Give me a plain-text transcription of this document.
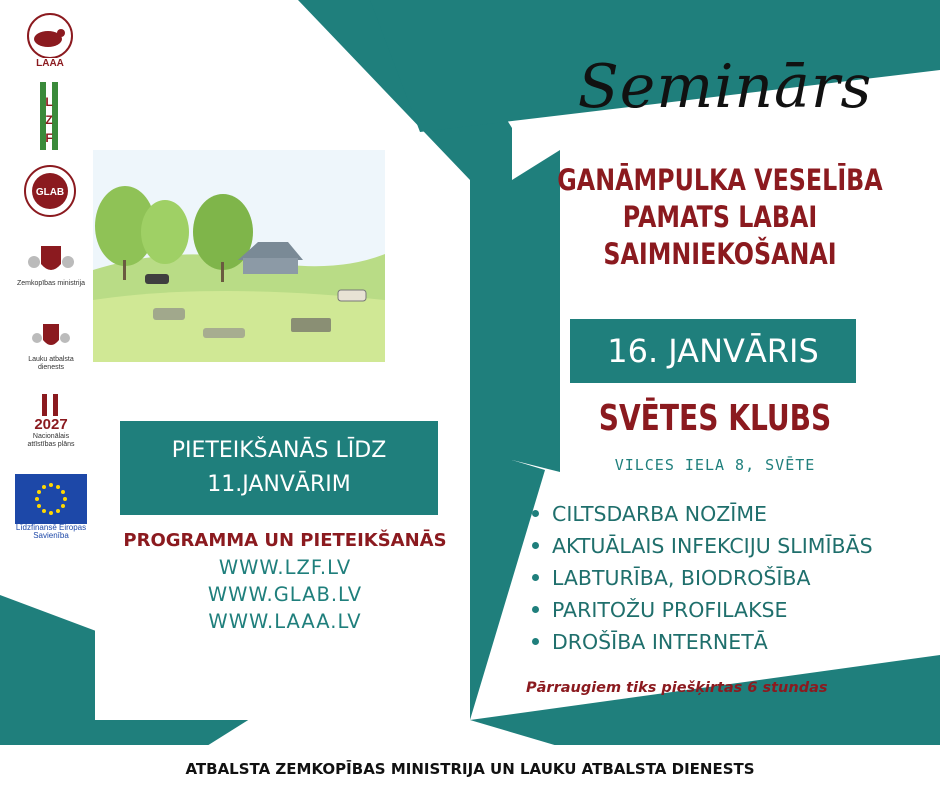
LAAA
L
Z
F
GLAB
Zemkopības ministrija
Lauku atbalsta dienests
2027
Nacionālais attīstības plāns
Līdzfinansē Eiropas Savienība
Seminārs
GANĀMPULKA VESELĪBA
PAMATS LABAI
SAIMNIEKOŠANAI
16. JANVĀRIS
SVĒTES KLUBS
VILCES IELA 8, SVĒTE
CILTSDARBA NOZĪME
AKTUĀLAIS INFEKCIJU SLIMĪBĀS
LABTURĪBA, BIODROŠĪBA
PARITOŽU PROFILAKSE
DROŠĪBA INTERNETĀ
Pārraugiem tiks piešķirtas 6 stundas
PIETEIKŠANĀS LĪDZ
11.JANVĀRIM
PROGRAMMA UN PIETEIKŠANĀS
WWW.LZF.LV
WWW.GLAB.LV
WWW.LAAA.LV
ATBALSTA ZEMKOPĪBAS MINISTRIJA UN LAUKU ATBALSTA DIENESTS
